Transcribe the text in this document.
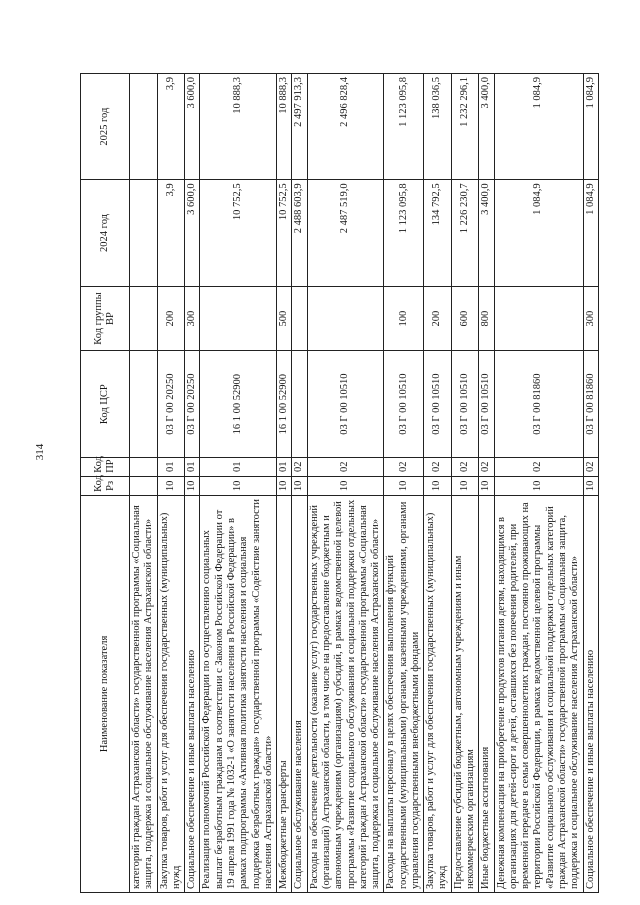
314
Наименование показателя	Код Рз	Код ПР	Код ЦСР	Код группы ВР	2024 год	2025 год
категорий граждан Астраханской области» государственной программы «Социальная защита, поддержка и социальное обслуживание населения Астраханской области»						
Закупка товаров, работ и услуг для обеспечения государственных (муниципальных) нужд	10	01	03 Г 00 20250	200	3,9	3,9
Социальное обеспечение и иные выплаты населению	10	01	03 Г 00 20250	300	3 600,0	3 600,0
Реализация полномочий Российской Федерации по осуществлению социальных выплат безработным гражданам в соответствии с Законом Российской Федерации от 19 апреля 1991 года № 1032-1 «О занятости населения в Российской Федерации» в рамках подпрограммы «Активная политика занятости населения и социальная поддержка безработных граждан» государственной программы «Содействие занятости населения Астраханской области»	10	01	16 1 00 52900		10 752,5	10 888,3
Межбюджетные трансферты	10	01	16 1 00 52900	500	10 752,5	10 888,3
Социальное обслуживание населения	10	02			2 488 603,9	2 497 913,3
Расходы на обеспечение деятельности (оказание услуг) государственных учреждений (организаций) Астраханской области, в том числе на предоставление бюджетным и автономным учреждениям (организациям) субсидий, в рамках ведомственной целевой программы «Развитие социального обслуживания и социальной поддержки отдельных категорий граждан Астраханской области» государственной программы «Социальная защита, поддержка и социальное обслуживание населения Астраханской области»	10	02	03 Г 00 10510		2 487 519,0	2 496 828,4
Расходы на выплаты персоналу в целях обеспечения выполнения функций государственными (муниципальными) органами, казенными учреждениями, органами управления государственными внебюджетными фондами	10	02	03 Г 00 10510	100	1 123 095,8	1 123 095,8
Закупка товаров, работ и услуг для обеспечения государственных (муниципальных) нужд	10	02	03 Г 00 10510	200	134 792,5	138 036,5
Предоставление субсидий бюджетным, автономным учреждениям и иным некоммерческим организациям	10	02	03 Г 00 10510	600	1 226 230,7	1 232 296,1
Иные бюджетные ассигнования	10	02	03 Г 00 10510	800	3 400,0	3 400,0
Денежная компенсация на приобретение продуктов питания детям, находящимся в организациях для детей-сирот и детей, оставшихся без попечения родителей, при временной передаче в семьи совершеннолетних граждан, постоянно проживающих на территории Российской Федерации, в рамках ведомственной целевой программы «Развитие социального обслуживания и социальной поддержки отдельных категорий граждан Астраханской области» государственной программы «Социальная защита, поддержка и социальное обслуживание населения Астраханской области»	10	02	03 Г 00 81860		1 084,9	1 084,9
Социальное обеспечение и иные выплаты населению	10	02	03 Г 00 81860	300	1 084,9	1 084,9
